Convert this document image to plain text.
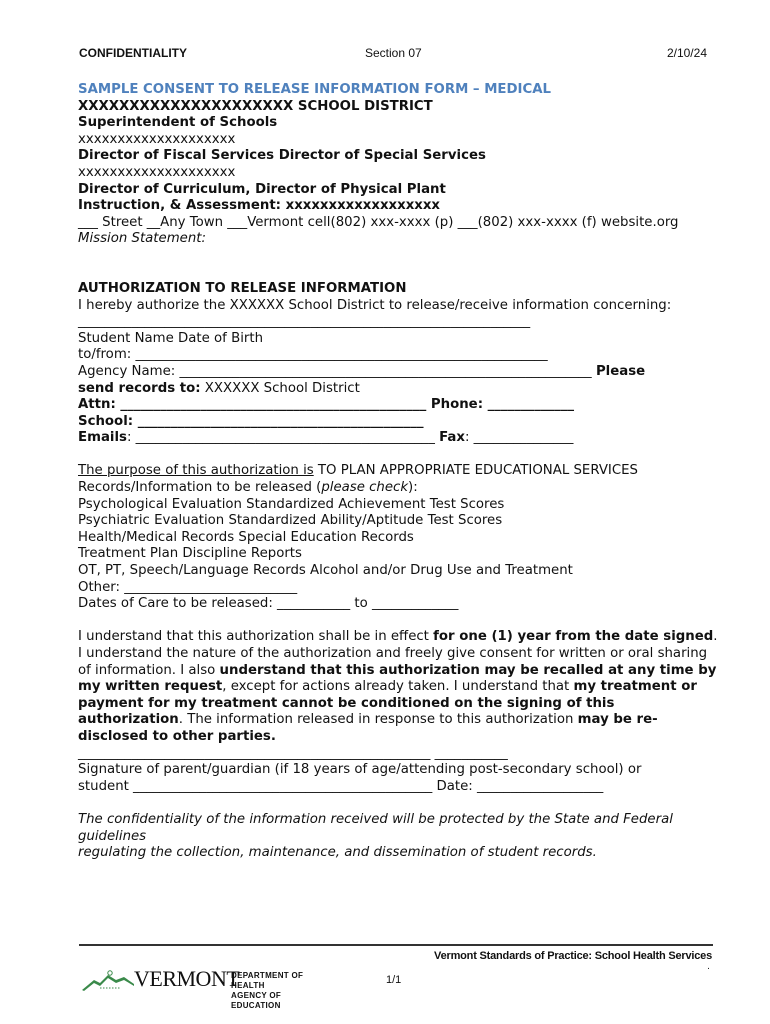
CONFIDENTIALITY	Section 07	2/10/24
SAMPLE CONSENT TO RELEASE INFORMATION FORM – MEDICAL
XXXXXXXXXXXXXXXXXXXXX SCHOOL DISTRICT
Superintendent of Schools
xxxxxxxxxxxxxxxxxxxx
Director of Fiscal Services Director of Special Services
xxxxxxxxxxxxxxxxxxxx
Director of Curriculum, Director of Physical Plant
Instruction, & Assessment: xxxxxxxxxxxxxxxxxx
___ Street __Any Town ___Vermont cell(802) xxx-xxxx (p) ___(802) xxx-xxxx (f) website.org
Mission Statement:
AUTHORIZATION TO RELEASE INFORMATION
I hereby authorize the XXXXXX School District to release/receive information concerning:
____________________________________________________________________
Student Name Date of Birth
to/from: ______________________________________________________________
Agency Name: ______________________________________________________________ Please
send records to: XXXXXX School District
Attn: ______________________________________________ Phone: _____________
School: ___________________________________________
Emails: _____________________________________________ Fax: _______________
The purpose of this authorization is TO PLAN APPROPRIATE EDUCATIONAL SERVICES
Records/Information to be released (please check):
Psychological Evaluation Standardized Achievement Test Scores
Psychiatric Evaluation Standardized Ability/Aptitude Test Scores
Health/Medical Records Special Education Records
Treatment Plan Discipline Reports
OT, PT, Speech/Language Records Alcohol and/or Drug Use and Treatment
Other: __________________________
Dates of Care to be released: ___________ to _____________
I understand that this authorization shall be in effect for one (1) year from the date signed. I understand the nature of the authorization and freely give consent for written or oral sharing of information. I also understand that this authorization may be recalled at any time by my written request, except for actions already taken. I understand that my treatment or payment for my treatment cannot be conditioned on the signing of this authorization. The information released in response to this authorization may be re-disclosed to other parties.
_____________________________________________________ ___________
Signature of parent/guardian (if 18 years of age/attending post-secondary school) or
student _____________________________________________ Date: ___________________
The confidentiality of the information received will be protected by the State and Federal guidelines
regulating the collection, maintenance, and dissemination of student records.
Vermont Standards of Practice: School Health Services
.
VERMONT
DEPARTMENT OF HEALTH
AGENCY OF EDUCATION
1/1
